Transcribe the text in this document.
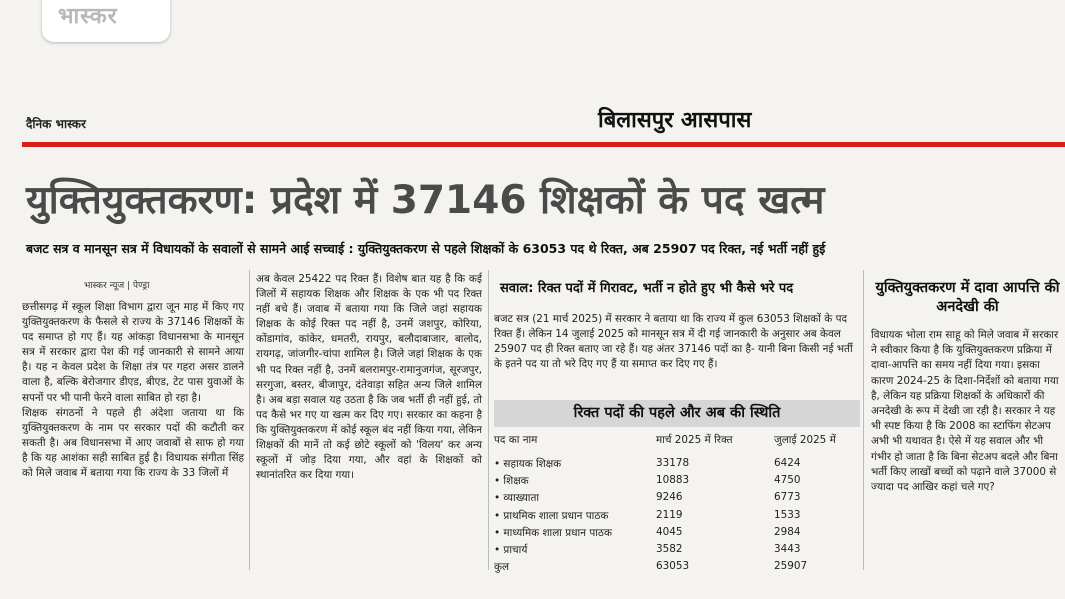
भास्कर
दैनिक भास्कर	बिलासपुर आसपास
युक्तियुक्तकरण: प्रदेश में 37146 शिक्षकों के पद खत्म
बजट सत्र व मानसून सत्र में विधायकों के सवालों से सामने आई सच्चाई : युक्तियुक्तकरण से पहले शिक्षकों के 63053 पद थे रिक्त, अब 25907 पद रिक्त, नई भर्ती नहीं हुई
भास्कर न्यूज | पेण्ड्रा

छत्तीसगढ़ में स्कूल शिक्षा विभाग द्वारा जून माह में किए गए युक्तियुक्तकरण के फैसले से राज्य के 37146 शिक्षकों के पद समाप्त हो गए हैं। यह आंकड़ा विधानसभा के मानसून सत्र में सरकार द्वारा पेश की गई जानकारी से सामने आया है। यह न केवल प्रदेश के शिक्षा तंत्र पर गहरा असर डालने वाला है, बल्कि बेरोजगार डीएड, बीएड, टेट पास युवाओं के सपनों पर भी पानी फेरने वाला साबित हो रहा है।

शिक्षक संगठनों ने पहले ही अंदेशा जताया था कि युक्तियुक्तकरण के नाम पर सरकार पदों की कटौती कर सकती है। अब विधानसभा में आए जवाबों से साफ हो गया है कि यह आशंका सही साबित हुई है। विधायक संगीता सिंह को मिले जवाब में बताया गया कि राज्य के 33 जिलों में

अब केवल 25422 पद रिक्त हैं। विशेष बात यह है कि कई जिलों में सहायक शिक्षक और शिक्षक के एक भी पद रिक्त नहीं बचे हैं। जवाब में बताया गया कि जिले जहां सहायक शिक्षक के कोई रिक्त पद नहीं है, उनमें जशपुर, कोरिया, कोंडागांव, कांकेर, धमतरी, रायपुर, बलौदाबाजार, बालोद, रायगढ़, जांजगीर-चांपा शामिल है। जिले जहां शिक्षक के एक भी पद रिक्त नहीं है, उनमें बलरामपुर-रामानुजगंज, सूरजपुर, सरगुजा, बस्तर, बीजापुर, दंतेवाड़ा सहित अन्य जिले शामिल है। अब बड़ा सवाल यह उठता है कि जब भर्ती ही नहीं हुई, तो पद कैसे भर गए या खत्म कर दिए गए। सरकार का कहना है कि युक्तियुक्तकरण में कोई स्कूल बंद नहीं किया गया, लेकिन शिक्षकों की मानें तो कई छोटे स्कूलों को 'विलय' कर अन्य स्कूलों में जोड़ दिया गया, और वहां के शिक्षकों को स्थानांतरित कर दिया गया।

सवाल: रिक्त पदों में गिरावट, भर्ती न होते हुए भी कैसे भरे पद
बजट सत्र (21 मार्च 2025) में सरकार ने बताया था कि राज्य में कुल 63053 शिक्षकों के पद रिक्त हैं। लेकिन 14 जुलाई 2025 को मानसून सत्र में दी गई जानकारी के अनुसार अब केवल 25907 पद ही रिक्त बताए जा रहे हैं। यह अंतर 37146 पदों का है- यानी बिना किसी नई भर्ती के इतने पद या तो भरे दिए गए हैं या समाप्त कर दिए गए हैं।
रिक्त पदों की पहले और अब की स्थिति
पद का नाम	मार्च 2025 में रिक्त	जुलाई 2025 में
• सहायक शिक्षक	33178	6424
• शिक्षक	10883	4750
• व्याख्याता	9246	6773
• प्राथमिक शाला प्रधान पाठक	2119	1533
• माध्यमिक शाला प्रधान पाठक	4045	2984
• प्राचार्य	3582	3443
कुल	63053	25907
युक्तियुक्तकरण में दावा आपत्ति की अनदेखी की
विधायक भोला राम साहू को मिले जवाब में सरकार ने स्वीकार किया है कि युक्तियुक्तकरण प्रक्रिया में दावा-आपत्ति का समय नहीं दिया गया। इसका कारण 2024-25 के दिशा-निर्देशों को बताया गया है, लेकिन यह प्रक्रिया शिक्षकों के अधिकारों की अनदेखी के रूप में देखी जा रही है। सरकार ने यह भी स्पष्ट किया है कि 2008 का स्टाफिंग सेटअप अभी भी यथावत है। ऐसे में यह सवाल और भी गंभीर हो जाता है कि बिना सेटअप बदले और बिना भर्ती किए लाखों बच्चों को पढ़ाने वाले 37000 से ज्यादा पद आखिर कहां चले गए?
